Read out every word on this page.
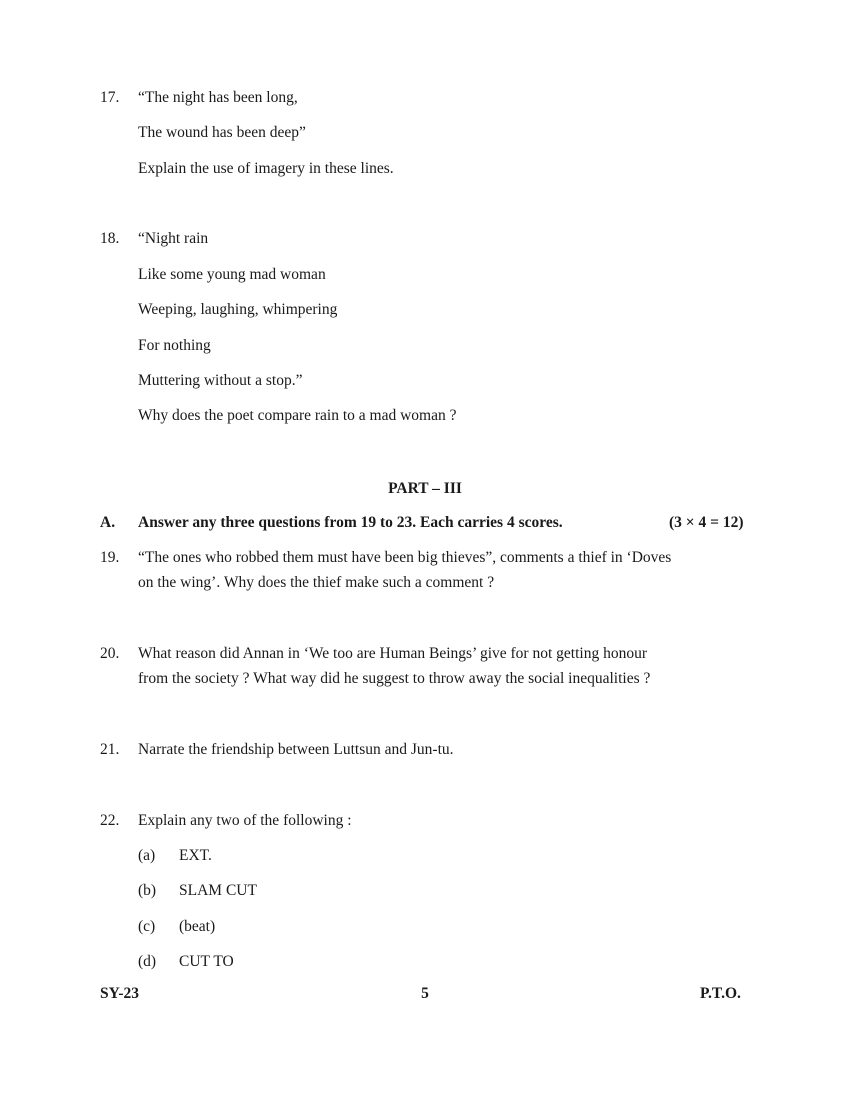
17. “The night has been long,
The wound has been deep”
Explain the use of imagery in these lines.
18. “Night rain
Like some young mad woman
Weeping, laughing, whimpering
For nothing
Muttering without a stop.”
Why does the poet compare rain to a mad woman ?
PART – III
A. Answer any three questions from 19 to 23. Each carries 4 scores.	(3 × 4 = 12)
19. “The ones who robbed them must have been big thieves”, comments a thief in ‘Doves
on the wing’. Why does the thief make such a comment ?
20. What reason did Annan in ‘We too are Human Beings’ give for not getting honour
from the society ? What way did he suggest to throw away the social inequalities ?
21. Narrate the friendship between Luttsun and Jun-tu.
22. Explain any two of the following :
(a) EXT.
(b) SLAM CUT
(c) (beat)
(d) CUT TO
SY-23	5	P.T.O.
